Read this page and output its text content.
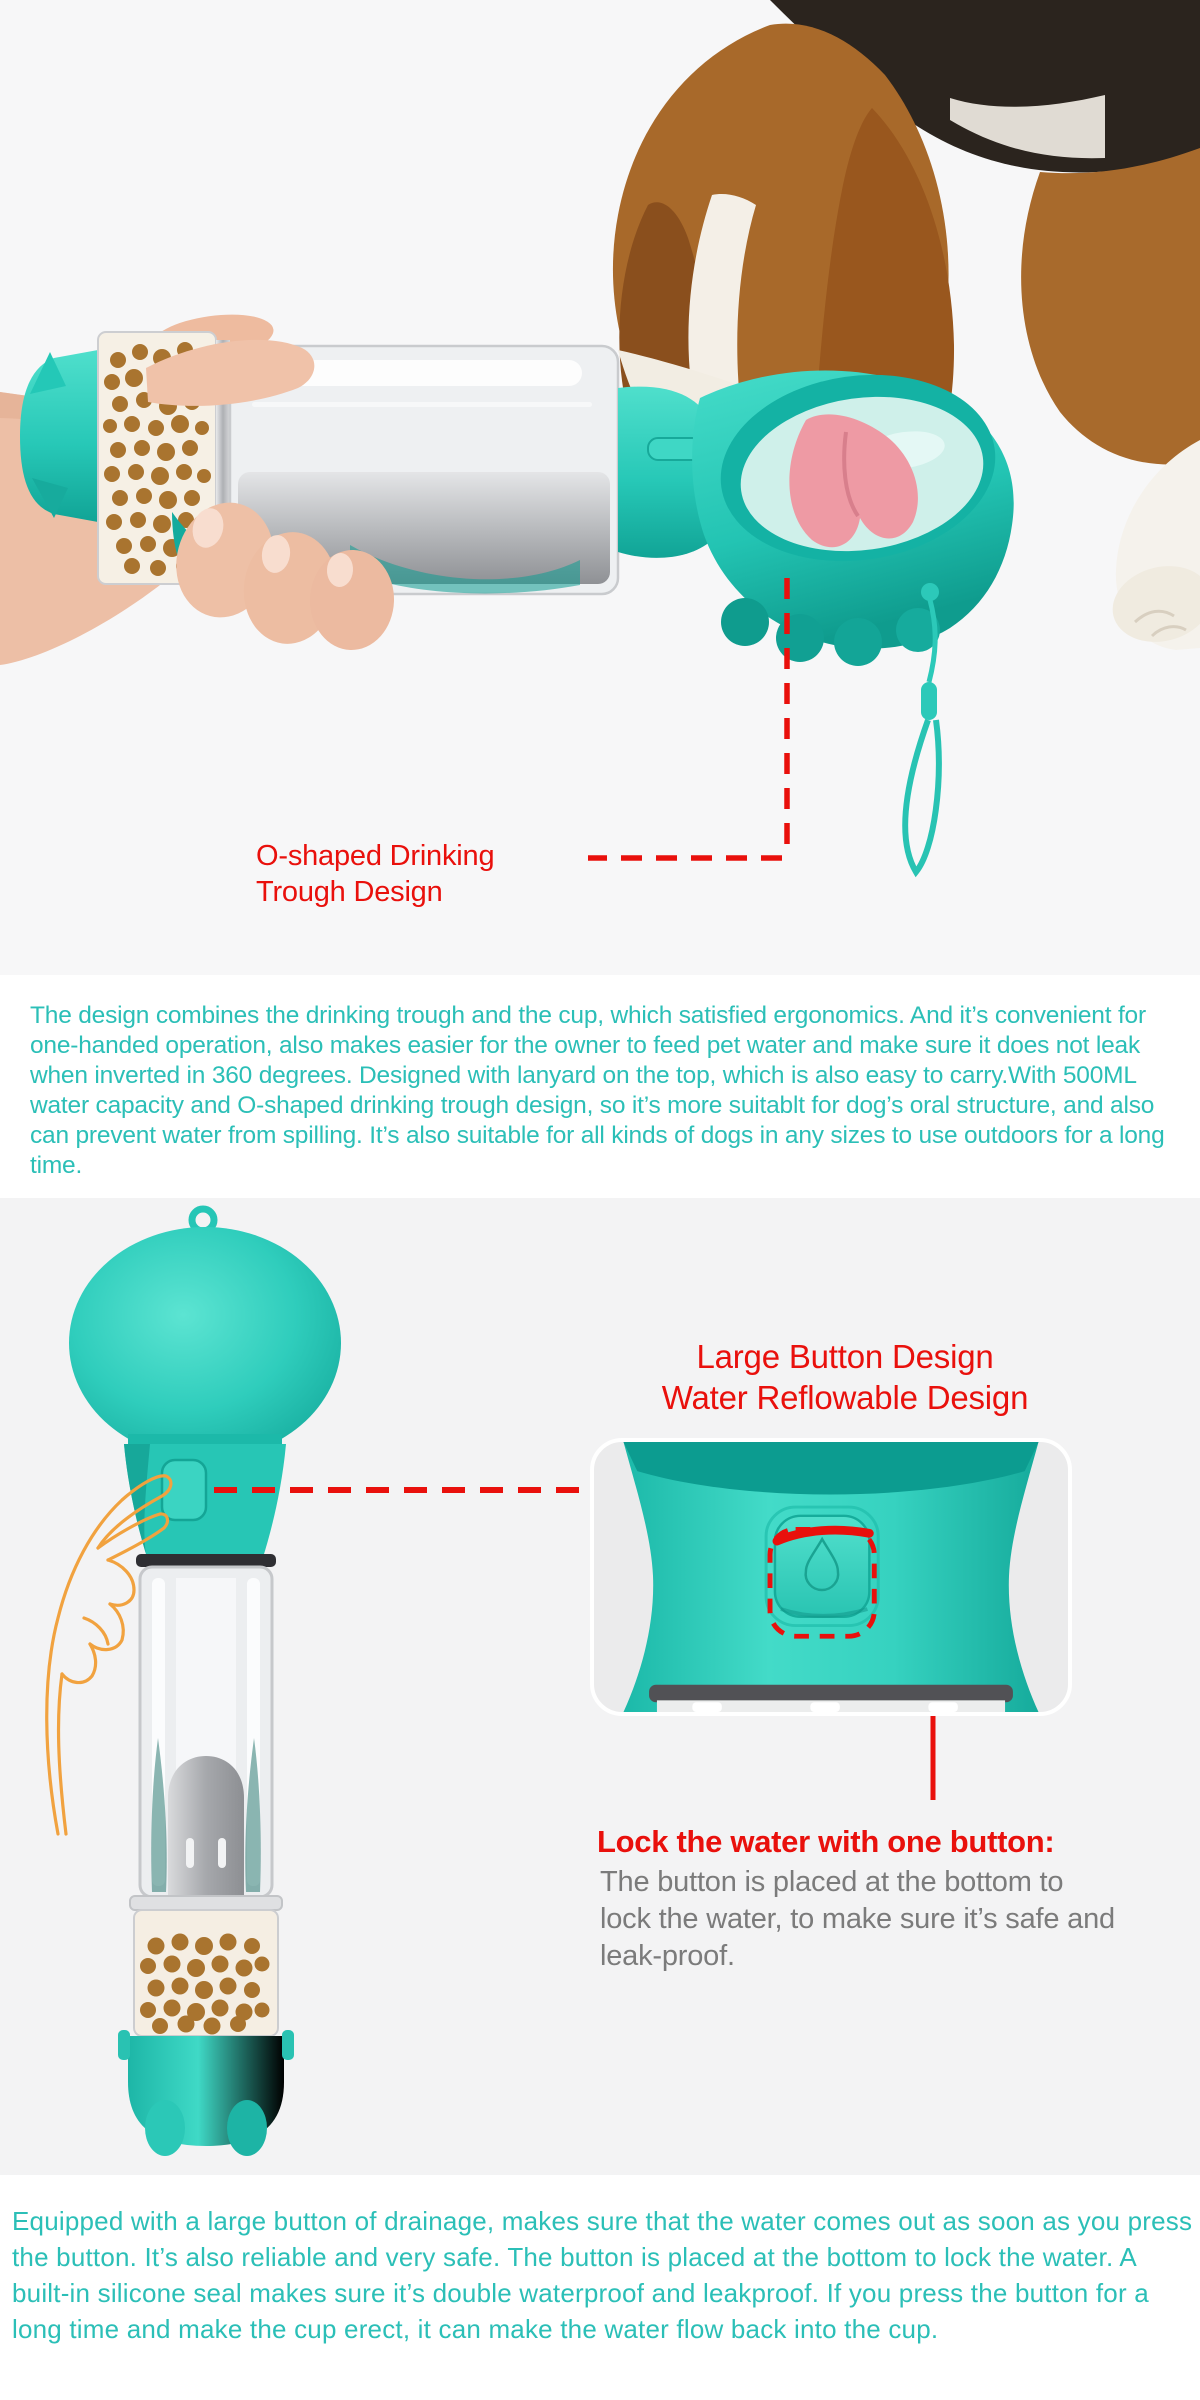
O-shaped Drinking
Trough Design
The design combines the drinking trough and the cup, which satisfied ergonomics. And it’s convenient for one-handed operation, also makes easier for the owner to feed pet water and make sure it does not leak when inverted in 360 degrees. Designed with lanyard on the top, which is also easy to carry.With 500ML water capacity and O-shaped drinking trough design, so it’s more suitablt for dog’s oral structure, and also can prevent water from spilling. It’s also suitable for all kinds of dogs in any sizes to use outdoors for a long time.
Large Button Design
Water Reflowable Design
Lock the water with one button:
The button is placed at the bottom to lock the water, to make sure it’s safe and leak-proof.
Equipped with a large button of drainage, makes sure that the water comes out as soon as you press the button. It’s also reliable and very safe. The button is placed at the bottom to lock the water. A built-in silicone seal makes sure it’s double waterproof and leakproof. If you press the button for a long time and make the cup erect, it can make the water flow back into the cup.
